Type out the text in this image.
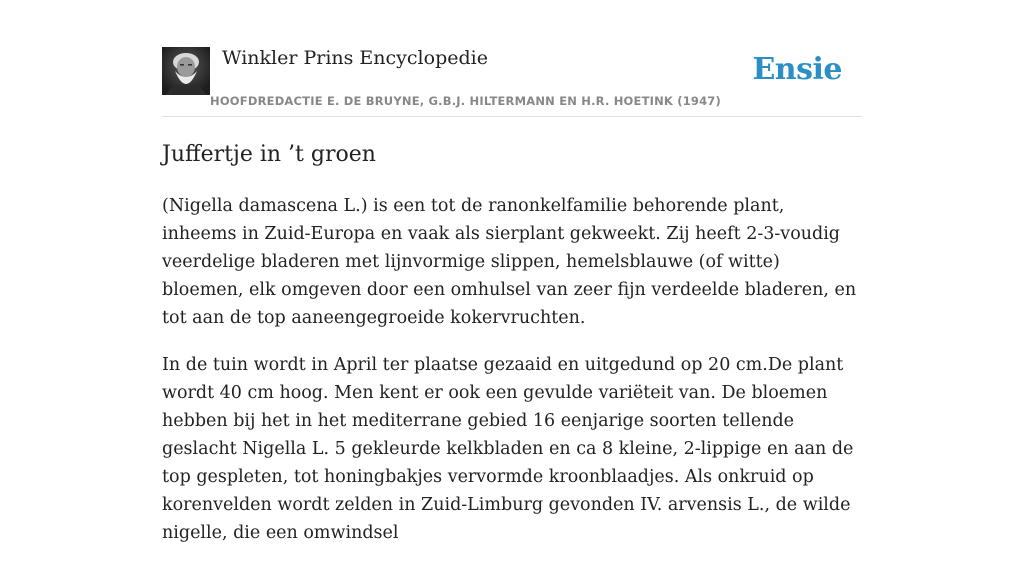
Winkler Prins Encyclopedie
HOOFDREDACTIE E. DE BRUYNE, G.B.J. HILTERMANN EN H.R. HOETINK (1947)
Ensie
Juffertje in ’t groen

(Nigella damascena L.) is een tot de ranonkelfamilie behorende plant, inheems in Zuid-Europa en vaak als sierplant gekweekt. Zij heeft 2-3-voudig veerdelige bladeren met lijnvormige slippen, hemelsblauwe (of witte) bloemen, elk omgeven door een omhulsel van zeer fijn verdeelde bladeren, en tot aan de top aaneengegroeide kokervruchten.

In de tuin wordt in April ter plaatse gezaaid en uitgedund op 20 cm.De plant wordt 40 cm hoog. Men kent er ook een gevulde variëteit van. De bloemen hebben bij het in het mediterrane gebied 16 eenjarige soorten tellende geslacht Nigella L. 5 gekleurde kelkbladen en ca 8 kleine, 2-lippige en aan de top gespleten, tot honingbakjes vervormde kroonblaadjes. Als onkruid op korenvelden wordt zelden in Zuid-Limburg gevonden IV. arvensis L., de wilde nigelle, die een omwindsel
